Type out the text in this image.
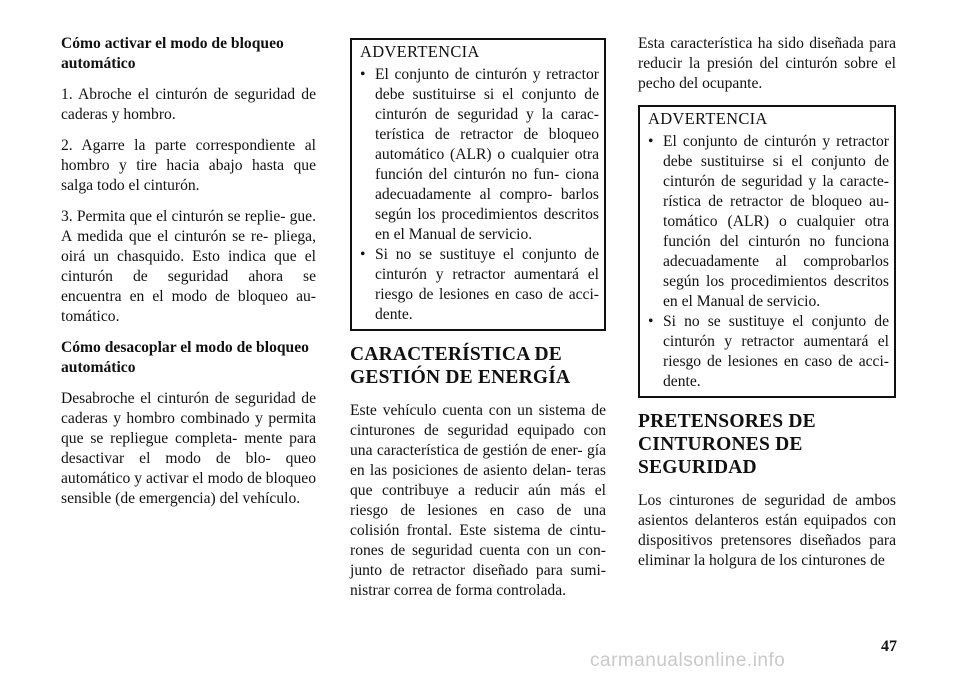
Cómo activar el modo de bloqueo automático

1. Abroche el cinturón de seguridad de caderas y hombro.

2. Agarre la parte correspondiente al hombro y tire hacia abajo hasta que salga todo el cinturón.

3. Permita que el cinturón se replie- gue. A medida que el cinturón se re- pliega, oirá un chasquido. Esto indica que el cinturón de seguridad ahora se encuentra en el modo de bloqueo au- tomático.

Cómo desacoplar el modo de bloqueo automático

Desabroche el cinturón de seguridad de caderas y hombro combinado y permita que se repliegue completa- mente para desactivar el modo de blo- queo automático y activar el modo de bloqueo sensible (de emergencia) del vehículo.

ADVERTENCIA
• El conjunto de cinturón y retractor debe sustituirse si el conjunto de cinturón de seguridad y la carac- terística de retractor de bloqueo automático (ALR) o cualquier otra función del cinturón no fun- ciona adecuadamente al compro- barlos según los procedimientos descritos en el Manual de servicio.
• Si no se sustituye el conjunto de cinturón y retractor aumentará el riesgo de lesiones en caso de acci- dente.
CARACTERÍSTICA DE GESTIÓN DE ENERGÍA

Este vehículo cuenta con un sistema de cinturones de seguridad equipado con una característica de gestión de ener- gía en las posiciones de asiento delan- teras que contribuye a reducir aún más el riesgo de lesiones en caso de una colisión frontal. Este sistema de cintu- rones de seguridad cuenta con un con- junto de retractor diseñado para sumi- nistrar correa de forma controlada.

Esta característica ha sido diseñada para reducir la presión del cinturón sobre el pecho del ocupante.

ADVERTENCIA
• El conjunto de cinturón y retractor debe sustituirse si el conjunto de cinturón de seguridad y la caracte- rística de retractor de bloqueo au- tomático (ALR) o cualquier otra función del cinturón no funciona adecuadamente al comprobarlos según los procedimientos descritos en el Manual de servicio.
• Si no se sustituye el conjunto de cinturón y retractor aumentará el riesgo de lesiones en caso de acci- dente.
PRETENSORES DE CINTURONES DE SEGURIDAD

Los cinturones de seguridad de ambos asientos delanteros están equipados con dispositivos pretensores diseñados para eliminar la holgura de los cinturones de

47
carmanualsonline.info
